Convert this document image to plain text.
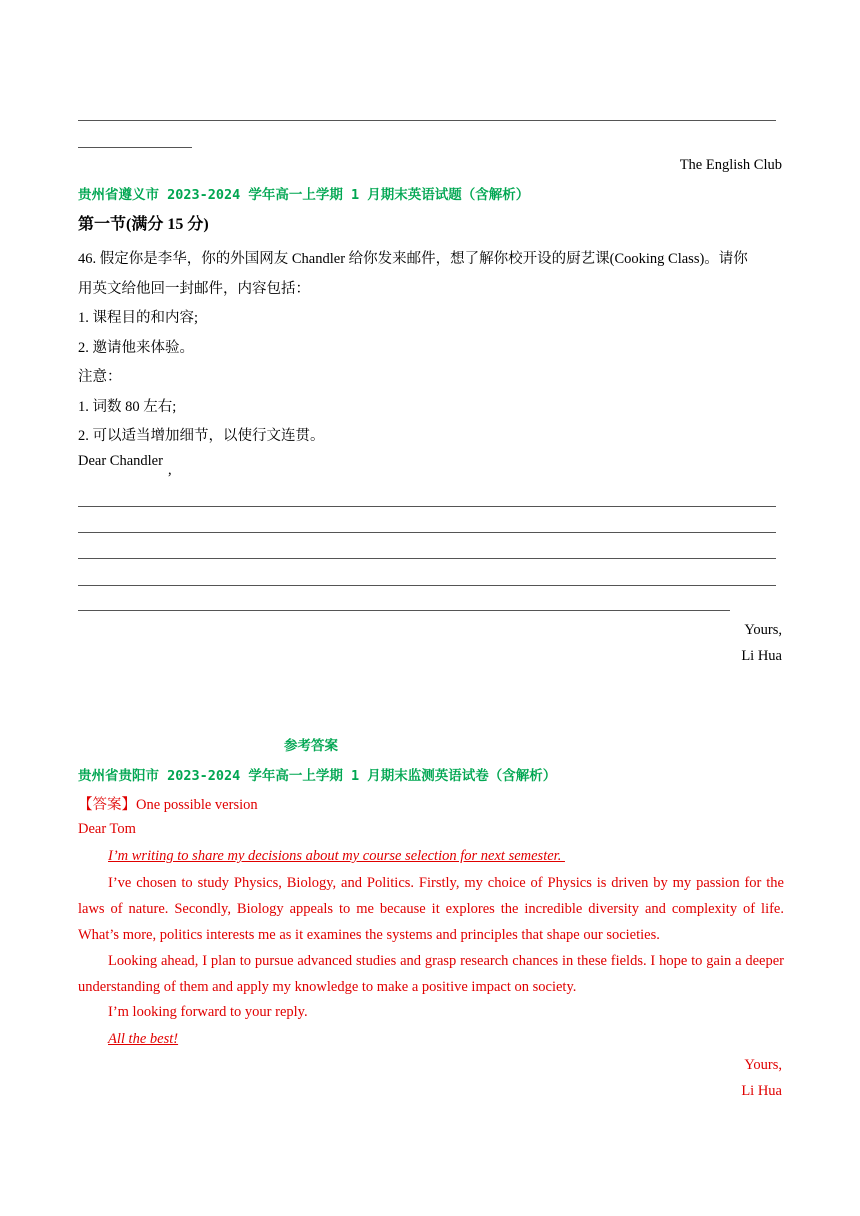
The English Club
贵州省遵义市 2023-2024 学年高一上学期 1 月期末英语试题（含解析）
第一节(满分 15 分)
46. 假定你是李华，你的外国网友 Chandler 给你发来邮件，想了解你校开设的厨艺课(Cooking Class)。请你
用英文给他回一封邮件，内容包括：
1. 课程目的和内容;
2. 邀请他来体验。
注意：
1. 词数 80 左右;
2. 可以适当增加细节，以使行文连贯。
Dear Chandler
,
Yours,
Li Hua
参考答案
贵州省贵阳市 2023-2024 学年高一上学期 1 月期末监测英语试卷（含解析）
【答案】One possible version
Dear Tom
I’m writing to share my decisions about my course selection for next semester.
I’ve chosen to study Physics, Biology, and Politics. Firstly, my choice of Physics is driven by my passion for the laws of nature. Secondly, Biology appeals to me because it explores the incredible diversity and complexity of life. What’s more, politics interests me as it examines the systems and principles that shape our societies.
Looking ahead, I plan to pursue advanced studies and grasp research chances in these fields. I hope to gain a deeper understanding of them and apply my knowledge to make a positive impact on society.
I’m looking forward to your reply.
All the best!
Yours,
Li Hua
